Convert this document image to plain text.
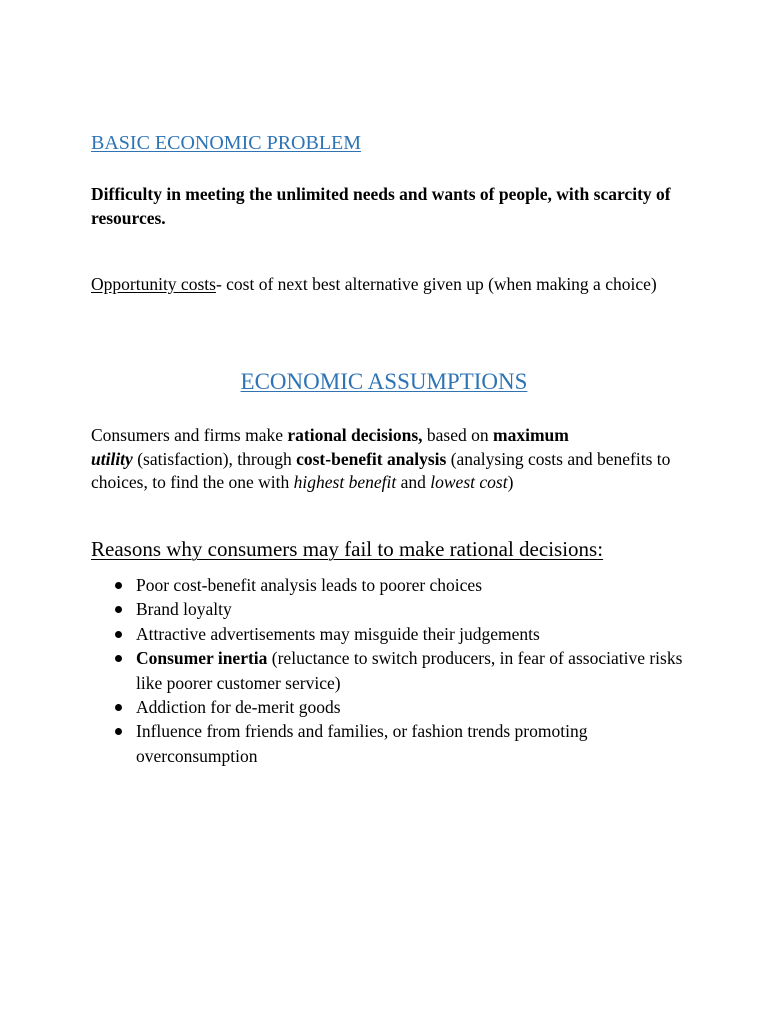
BASIC ECONOMIC PROBLEM
Difficulty in meeting the unlimited needs and wants of people, with scarcity of resources.
Opportunity costs- cost of next best alternative given up (when making a choice)
ECONOMIC ASSUMPTIONS
Consumers and firms make rational decisions, based on maximum
utility (satisfaction), through cost-benefit analysis (analysing costs and benefits to choices, to find the one with highest benefit and lowest cost)
Reasons why consumers may fail to make rational decisions:
Poor cost-benefit analysis leads to poorer choices
Brand loyalty
Attractive advertisements may misguide their judgements
Consumer inertia (reluctance to switch producers, in fear of associative risks like poorer customer service)
Addiction for de-merit goods
Influence from friends and families, or fashion trends promoting overconsumption
